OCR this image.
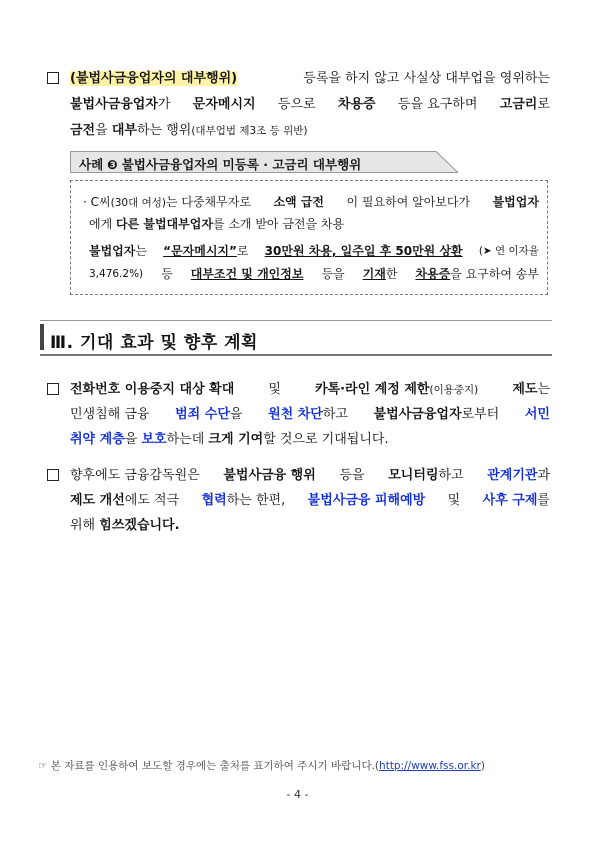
(불법사금융업자의 대부행위)	등록을 하지 않고 사실상 대부업을 영위하는
불법사금융업자가 문자메시지 등으로 차용증 등을 요구하며 고금리로
금전을 대부하는 행위(대부업법 제3조 등 위반)
사례 ❸ 불법사금융업자의 미등록 · 고금리 대부행위
· C씨(30대 여성)는 다중채무자로 소액 급전 이 필요하여 알아보다가 불법업자
에게 다른 불법대부업자를 소개 받아 금전을 차용
불법업자는 “문자메시지”로 30만원 차용, 일주일 후 50만원 상환 (➤ 연 이자율
3,476.2%) 등 대부조건 및 개인정보 등을 기재한 차용증을 요구하여 송부
Ⅲ. 기대 효과 및 향후 계획
전화번호 이용중지 대상 확대	및	카톡·라인 계정 제한(이용중지)	제도는
민생침해 금융 범죄 수단을 원천 차단하고 불법사금융업자로부터 서민
취약 계층을 보호하는데 크게 기여할 것으로 기대됩니다.
향후에도 금융감독원은 불법사금융 행위 등을 모니터링하고 관계기관과
제도 개선에도 적극 협력하는 한편, 불법사금융 피해예방 및 사후 구제를
위해 힘쓰겠습니다.
☞ 본 자료를 인용하여 보도할 경우에는 출처를 표기하여 주시기 바랍니다.(http://www.fss.or.kr)
- 4 -
